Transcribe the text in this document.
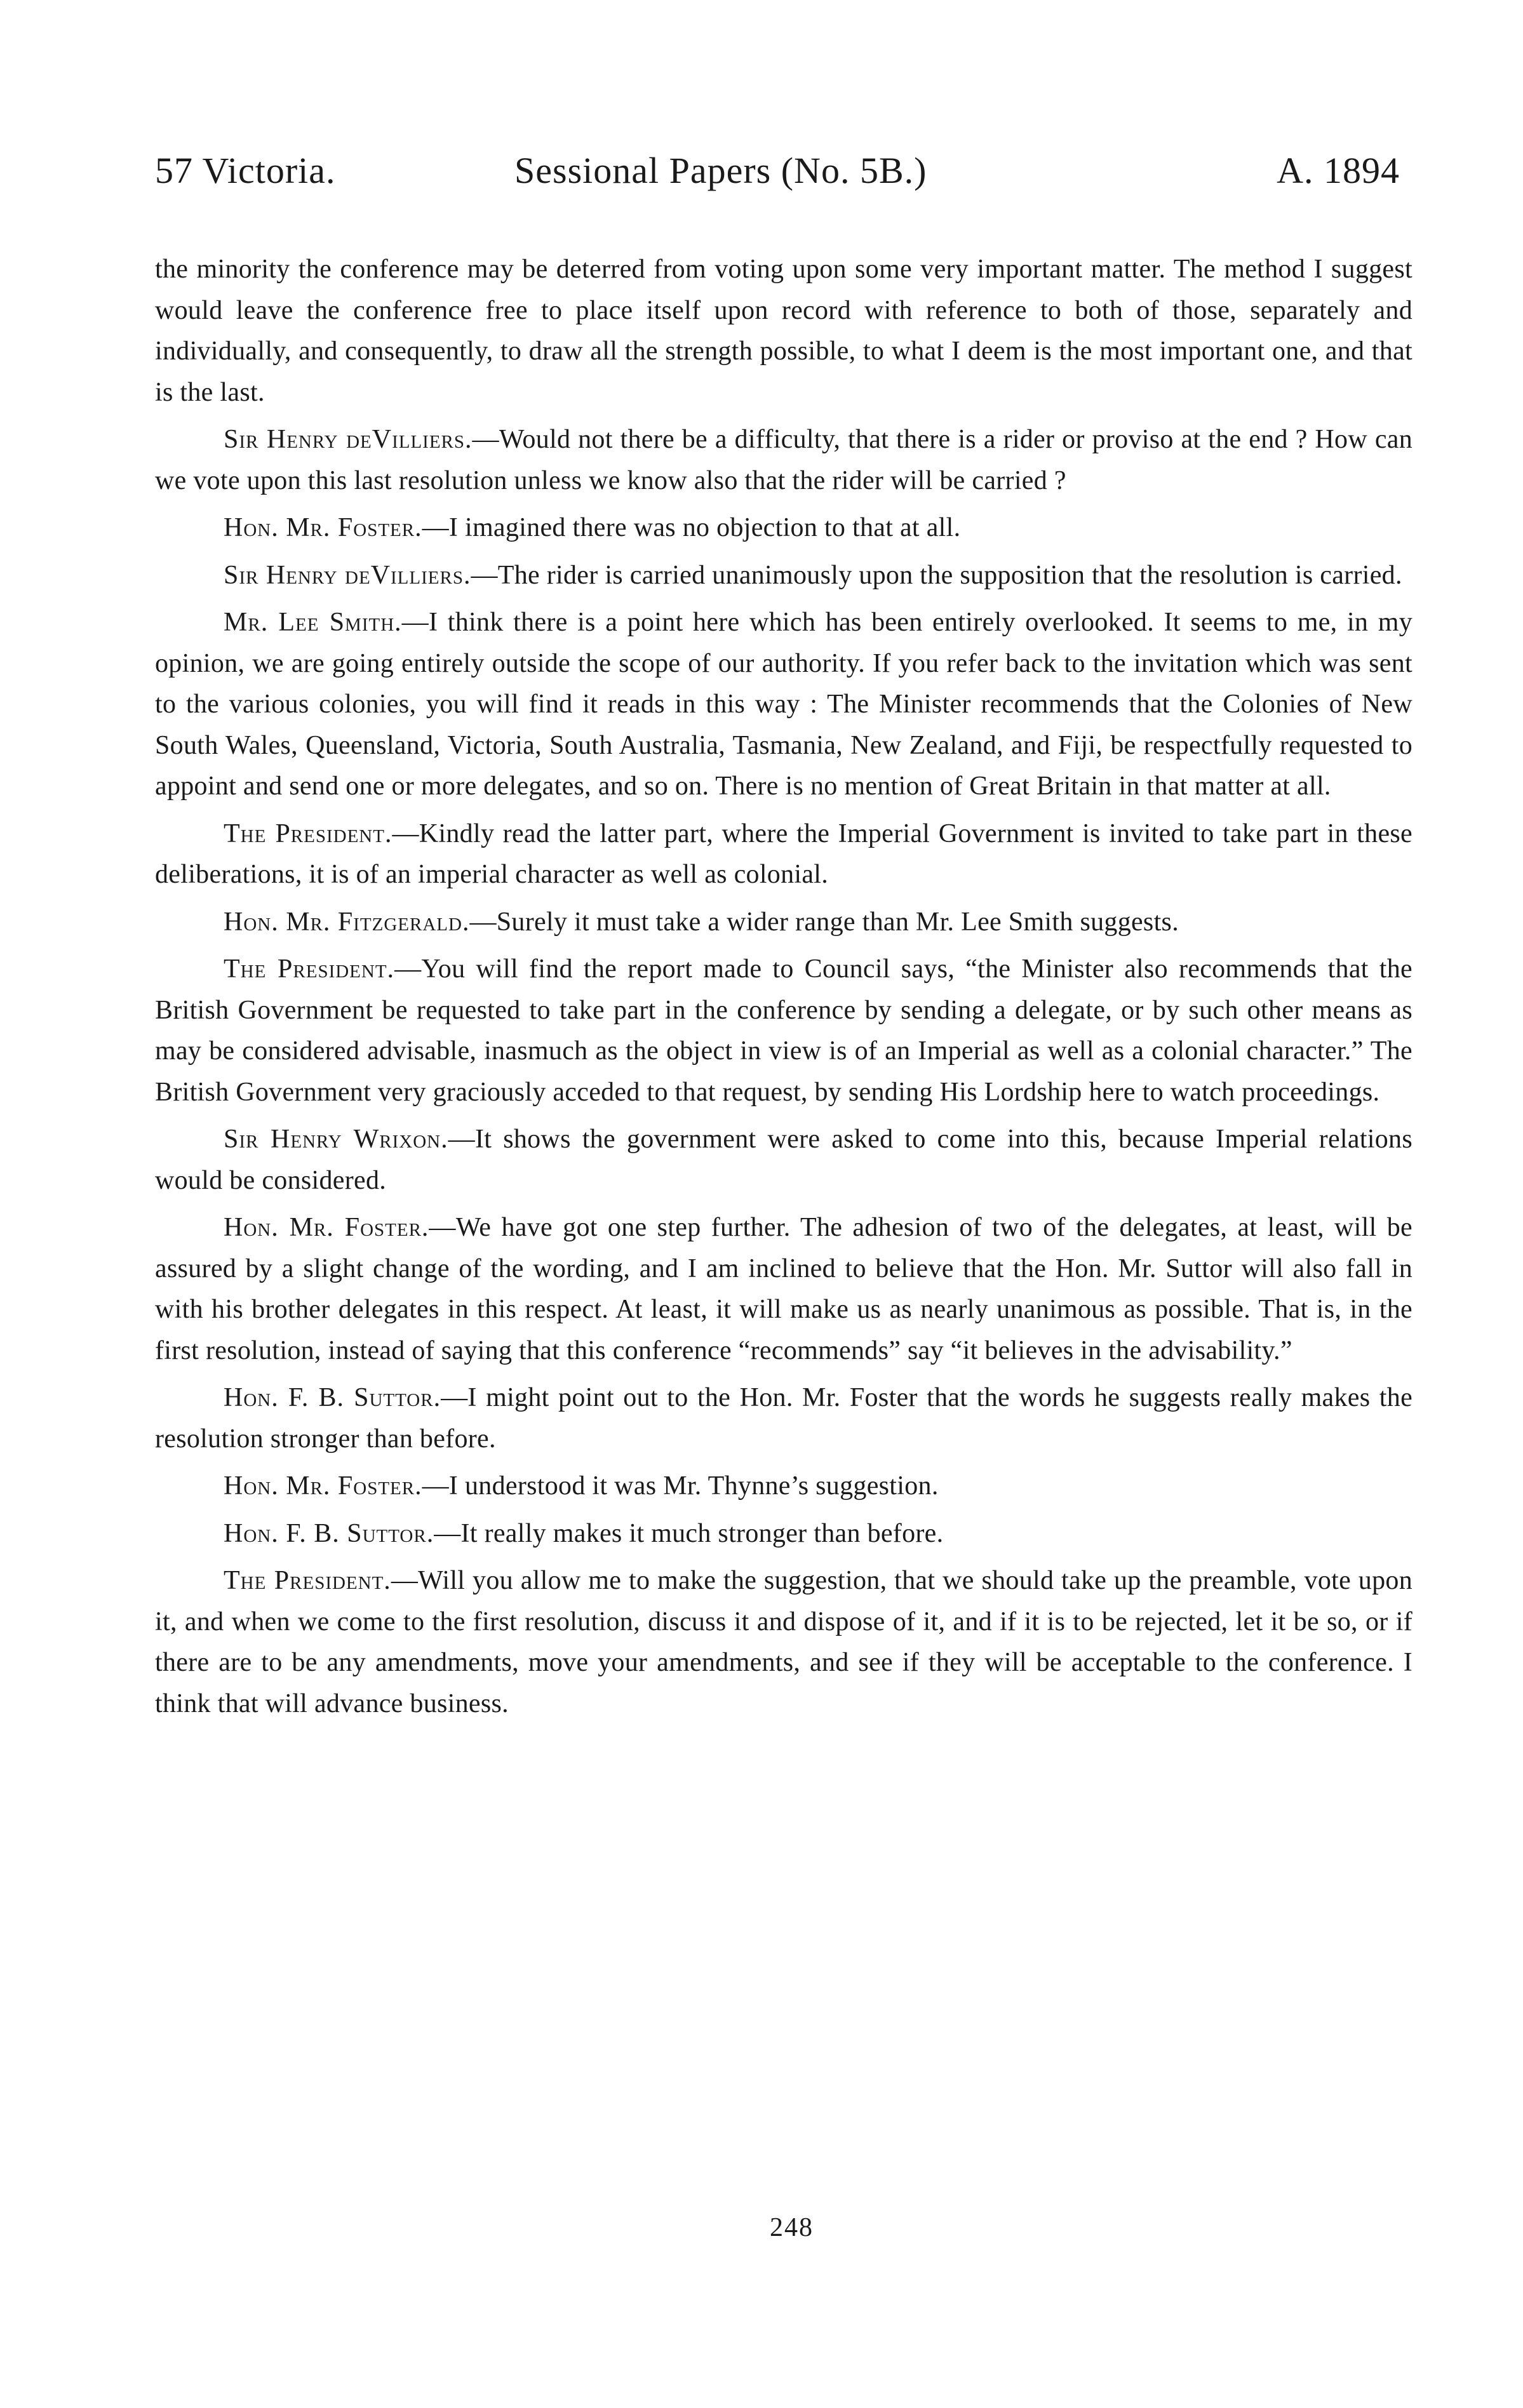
57 Victoria.	Sessional Papers (No. 5B.)	A. 1894

the minority the conference may be deterred from voting upon some very important matter. The method I suggest would leave the conference free to place itself upon record with reference to both of those, separately and individually, and consequently, to draw all the strength possible, to what I deem is the most important one, and that is the last.

Sir Henry deVilliers.—Would not there be a difficulty, that there is a rider or proviso at the end ? How can we vote upon this last resolution unless we know also that the rider will be carried ?

Hon. Mr. Foster.—I imagined there was no objection to that at all.

Sir Henry deVilliers.—The rider is carried unanimously upon the supposition that the resolution is carried.

Mr. Lee Smith.—I think there is a point here which has been entirely overlooked. It seems to me, in my opinion, we are going entirely outside the scope of our authority. If you refer back to the invitation which was sent to the various colonies, you will find it reads in this way : The Minister recommends that the Colonies of New South Wales, Queensland, Victoria, South Australia, Tasmania, New Zealand, and Fiji, be respectfully requested to appoint and send one or more delegates, and so on. There is no mention of Great Britain in that matter at all.

The President.—Kindly read the latter part, where the Imperial Government is invited to take part in these deliberations, it is of an imperial character as well as colonial.

Hon. Mr. Fitzgerald.—Surely it must take a wider range than Mr. Lee Smith suggests.

The President.—You will find the report made to Council says, “the Minister also recommends that the British Government be requested to take part in the conference by sending a delegate, or by such other means as may be considered advisable, inasmuch as the object in view is of an Imperial as well as a colonial character.” The British Government very graciously acceded to that request, by sending His Lordship here to watch proceedings.

Sir Henry Wrixon.—It shows the government were asked to come into this, because Imperial relations would be considered.

Hon. Mr. Foster.—We have got one step further. The adhesion of two of the delegates, at least, will be assured by a slight change of the wording, and I am inclined to believe that the Hon. Mr. Suttor will also fall in with his brother delegates in this respect. At least, it will make us as nearly unanimous as possible. That is, in the first resolution, instead of saying that this conference “recommends” say “it believes in the advisability.”

Hon. F. B. Suttor.—I might point out to the Hon. Mr. Foster that the words he suggests really makes the resolution stronger than before.

Hon. Mr. Foster.—I understood it was Mr. Thynne’s suggestion.

Hon. F. B. Suttor.—It really makes it much stronger than before.

The President.—Will you allow me to make the suggestion, that we should take up the preamble, vote upon it, and when we come to the first resolution, discuss it and dispose of it, and if it is to be rejected, let it be so, or if there are to be any amendments, move your amendments, and see if they will be acceptable to the conference. I think that will advance business.

248
